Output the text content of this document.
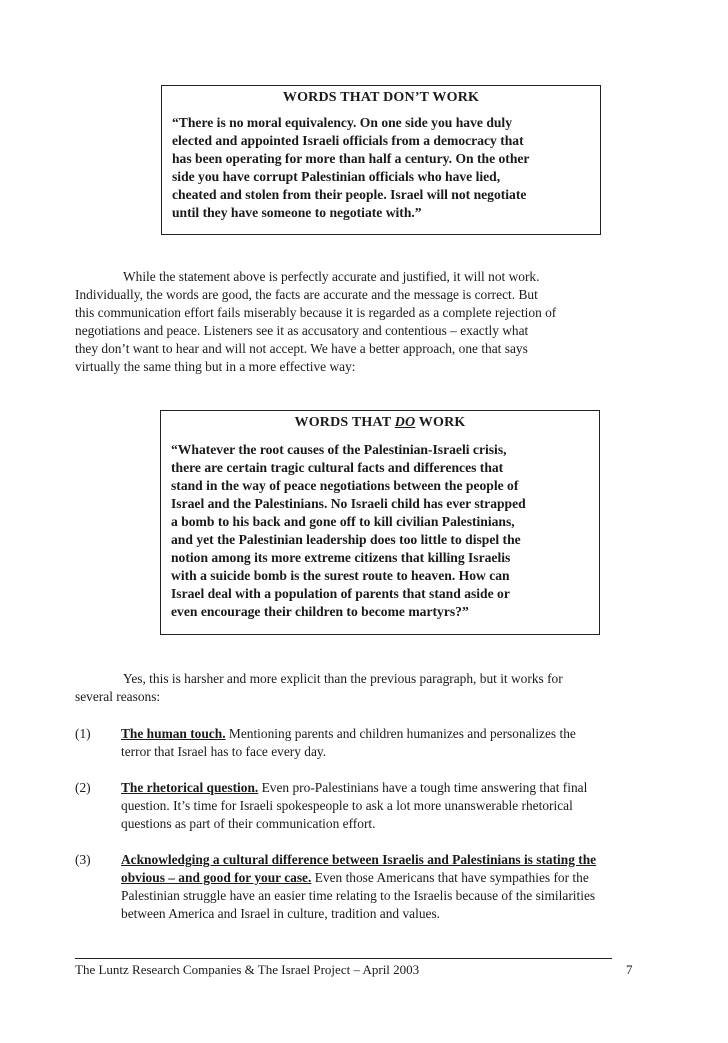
WORDS THAT DON’T WORK

“There is no moral equivalency. On one side you have duly

elected and appointed Israeli officials from a democracy that

has been operating for more than half a century. On the other

side you have corrupt Palestinian officials who have lied,

cheated and stolen from their people. Israel will not negotiate

until they have someone to negotiate with.”

While the statement above is perfectly accurate and justified, it will not work.
Individually, the words are good, the facts are accurate and the message is correct. But
this communication effort fails miserably because it is regarded as a complete rejection of
negotiations and peace. Listeners see it as accusatory and contentious – exactly what
they don’t want to hear and will not accept. We have a better approach, one that says
virtually the same thing but in a more effective way:

WORDS THAT DO WORK

“Whatever the root causes of the Palestinian-Israeli crisis,

there are certain tragic cultural facts and differences that

stand in the way of peace negotiations between the people of

Israel and the Palestinians. No Israeli child has ever strapped

a bomb to his back and gone off to kill civilian Palestinians,

and yet the Palestinian leadership does too little to dispel the

notion among its more extreme citizens that killing Israelis

with a suicide bomb is the surest route to heaven. How can

Israel deal with a population of parents that stand aside or

even encourage their children to become martyrs?”

Yes, this is harsher and more explicit than the previous paragraph, but it works for
several reasons:
(1) The human touch. Mentioning parents and children humanizes and personalizes the
terror that Israel has to face every day.
(2) The rhetorical question. Even pro-Palestinians have a tough time answering that final
question. It’s time for Israeli spokespeople to ask a lot more unanswerable rhetorical
questions as part of their communication effort.
(3) Acknowledging a cultural difference between Israelis and Palestinians is stating the
obvious – and good for your case. Even those Americans that have sympathies for the
Palestinian struggle have an easier time relating to the Israelis because of the similarities
between America and Israel in culture, tradition and values.
The Luntz Research Companies & The Israel Project – April 2003	7
